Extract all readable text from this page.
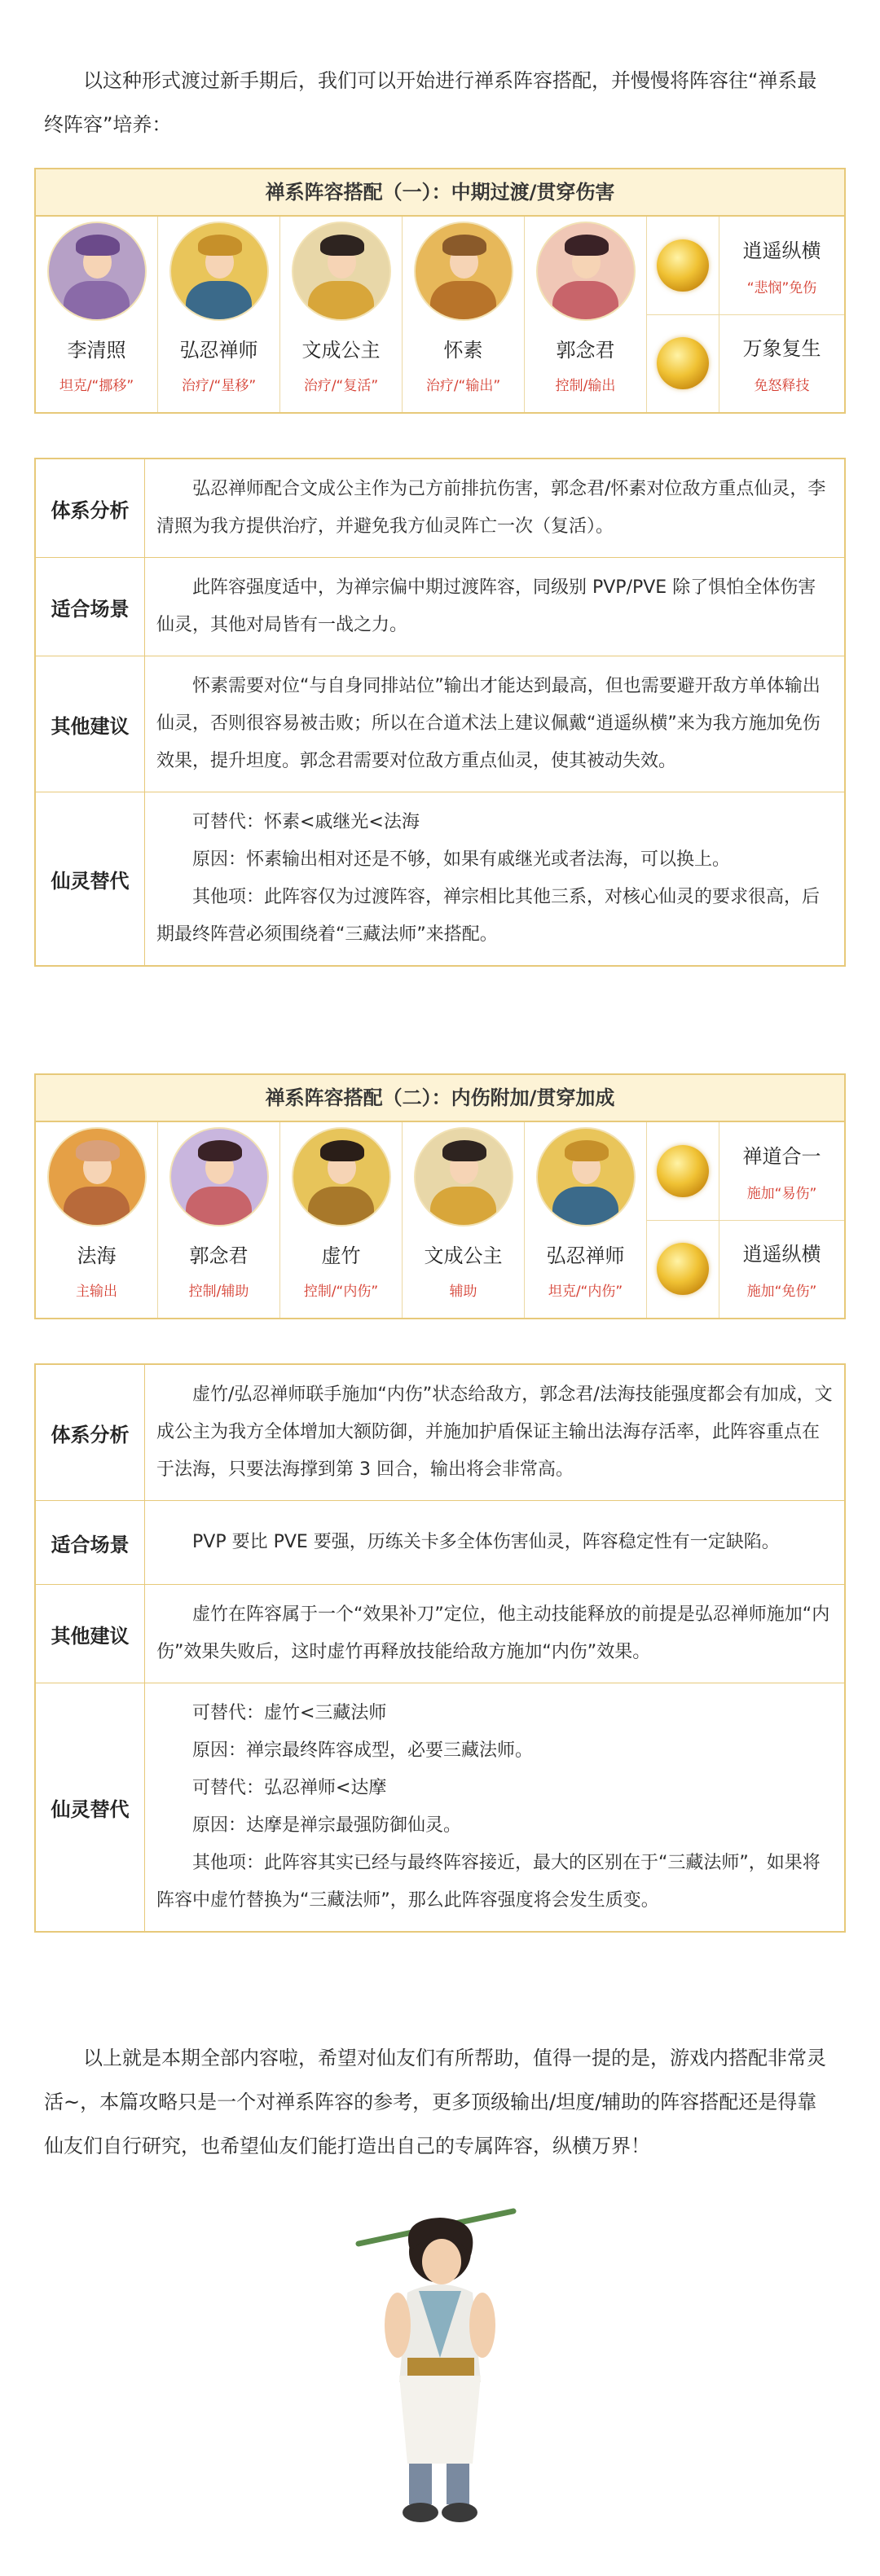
以这种形式渡过新手期后，我们可以开始进行禅系阵容搭配，并慢慢将阵容往“禅系最终阵容”培养：
禅系阵容搭配（一）：中期过渡/贯穿伤害
李清照
坦克/“挪移”
弘忍禅师
治疗/“星移”
文成公主
治疗/“复活”
怀素
治疗/“输出”
郭念君
控制/输出
逍遥纵横
“悲悯”免伤
万象复生
免怒释技
体系分析

弘忍禅师配合文成公主作为己方前排抗伤害，郭念君/怀素对位敌方重点仙灵，李清照为我方提供治疗，并避免我方仙灵阵亡一次（复活）。

适合场景

此阵容强度适中，为禅宗偏中期过渡阵容，同级别 PVP/PVE 除了惧怕全体伤害仙灵，其他对局皆有一战之力。

其他建议

怀素需要对位“与自身同排站位”输出才能达到最高，但也需要避开敌方单体输出仙灵，否则很容易被击败；所以在合道术法上建议佩戴“逍遥纵横”来为我方施加免伤效果，提升坦度。郭念君需要对位敌方重点仙灵，使其被动失效。

仙灵替代

可替代：怀素<戚继光<法海

原因：怀素输出相对还是不够，如果有戚继光或者法海，可以换上。

其他项：此阵容仅为过渡阵容，禅宗相比其他三系，对核心仙灵的要求很高，后期最终阵营必须围绕着“三藏法师”来搭配。

禅系阵容搭配（二）：内伤附加/贯穿加成
法海
主输出
郭念君
控制/辅助
虚竹
控制/“内伤”
文成公主
辅助
弘忍禅师
坦克/“内伤”
禅道合一
施加“易伤”
逍遥纵横
施加“免伤”
体系分析

虚竹/弘忍禅师联手施加“内伤”状态给敌方，郭念君/法海技能强度都会有加成，文成公主为我方全体增加大额防御，并施加护盾保证主输出法海存活率，此阵容重点在于法海，只要法海撑到第 3 回合，输出将会非常高。

适合场景	PVP 要比 PVE 要强，历练关卡多全体伤害仙灵，阵容稳定性有一定缺陷。

其他建议

虚竹在阵容属于一个“效果补刀”定位，他主动技能释放的前提是弘忍禅师施加“内伤”效果失败后，这时虚竹再释放技能给敌方施加“内伤”效果。

仙灵替代

可替代：虚竹<三藏法师

原因：禅宗最终阵容成型，必要三藏法师。

可替代：弘忍禅师<达摩

原因：达摩是禅宗最强防御仙灵。

其他项：此阵容其实已经与最终阵容接近，最大的区别在于“三藏法师”，如果将阵容中虚竹替换为“三藏法师”，那么此阵容强度将会发生质变。

以上就是本期全部内容啦，希望对仙友们有所帮助，值得一提的是，游戏内搭配非常灵活~，本篇攻略只是一个对禅系阵容的参考，更多顶级输出/坦度/辅助的阵容搭配还是得靠仙友们自行研究，也希望仙友们能打造出自己的专属阵容，纵横万界！
